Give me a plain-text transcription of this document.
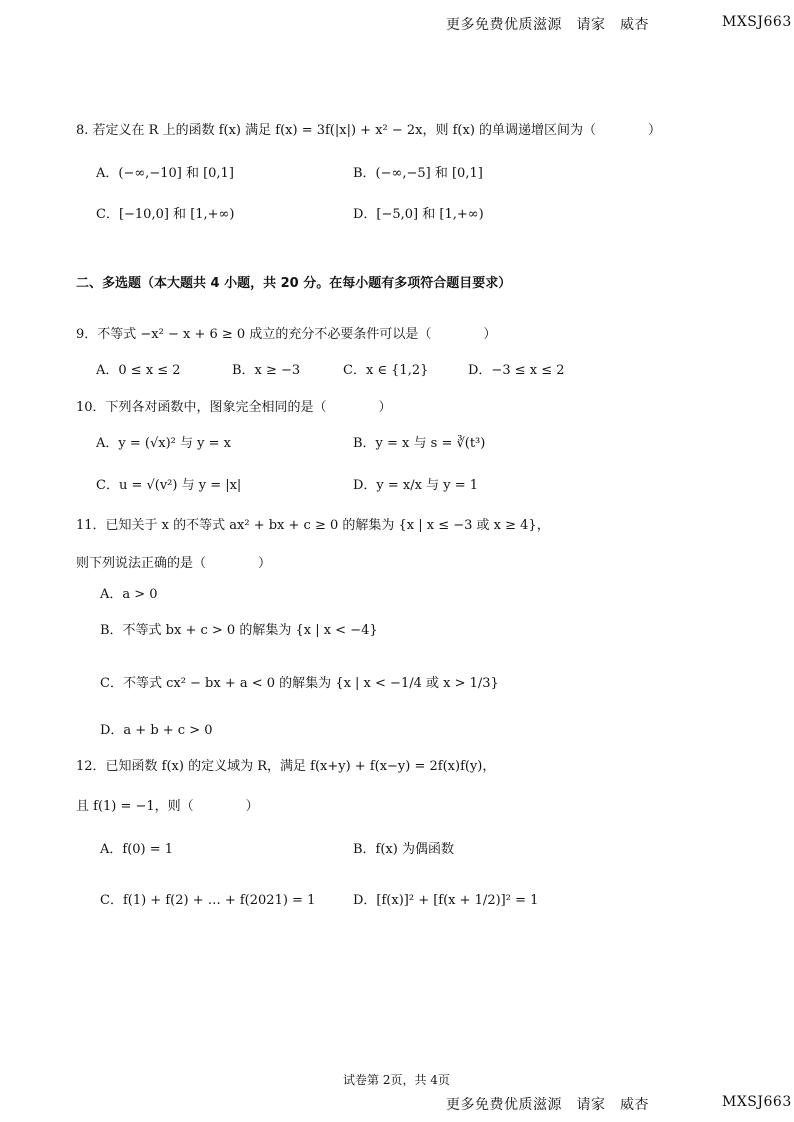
更多免费优质滋源　请家　威杏	MXSJ663
8. 若定义在 R 上的函数 f(x) 满足 f(x) = 3f(|x|) + x² − 2x，则 f(x) 的单调递增区间为（　　　　）
A．(−∞,−10] 和 [0,1]	B．(−∞,−5] 和 [0,1]
C．[−10,0] 和 [1,+∞)	D．[−5,0] 和 [1,+∞)
二、多选题（本大题共 4 小题，共 20 分。在每小题有多项符合题目要求）
9．不等式 −x² − x + 6 ≥ 0 成立的充分不必要条件可以是（　　　　）
A．0 ≤ x ≤ 2	B．x ≥ −3	C．x ∈ {1,2}	D．−3 ≤ x ≤ 2
10．下列各对函数中，图象完全相同的是（　　　　）
A．y = (√x)² 与 y = x	B．y = x 与 s = ∛(t³)
C．u = √(v²) 与 y = |x|	D．y = x/x 与 y = 1
11．已知关于 x 的不等式 ax² + bx + c ≥ 0 的解集为 {x | x ≤ −3 或 x ≥ 4}，
则下列说法正确的是（　　　　）
A．a > 0
B．不等式 bx + c > 0 的解集为 {x | x < −4}
C．不等式 cx² − bx + a < 0 的解集为 {x | x < −1/4 或 x > 1/3}
D．a + b + c > 0
12．已知函数 f(x) 的定义域为 R，满足 f(x+y) + f(x−y) = 2f(x)f(y)，
且 f(1) = −1，则（　　　　）
A．f(0) = 1	B．f(x) 为偶函数
C．f(1) + f(2) + … + f(2021) = 1	D．[f(x)]² + [f(x + 1/2)]² = 1
试卷第 2页，共 4页
更多免费优质滋源　请家　威杏	MXSJ663
